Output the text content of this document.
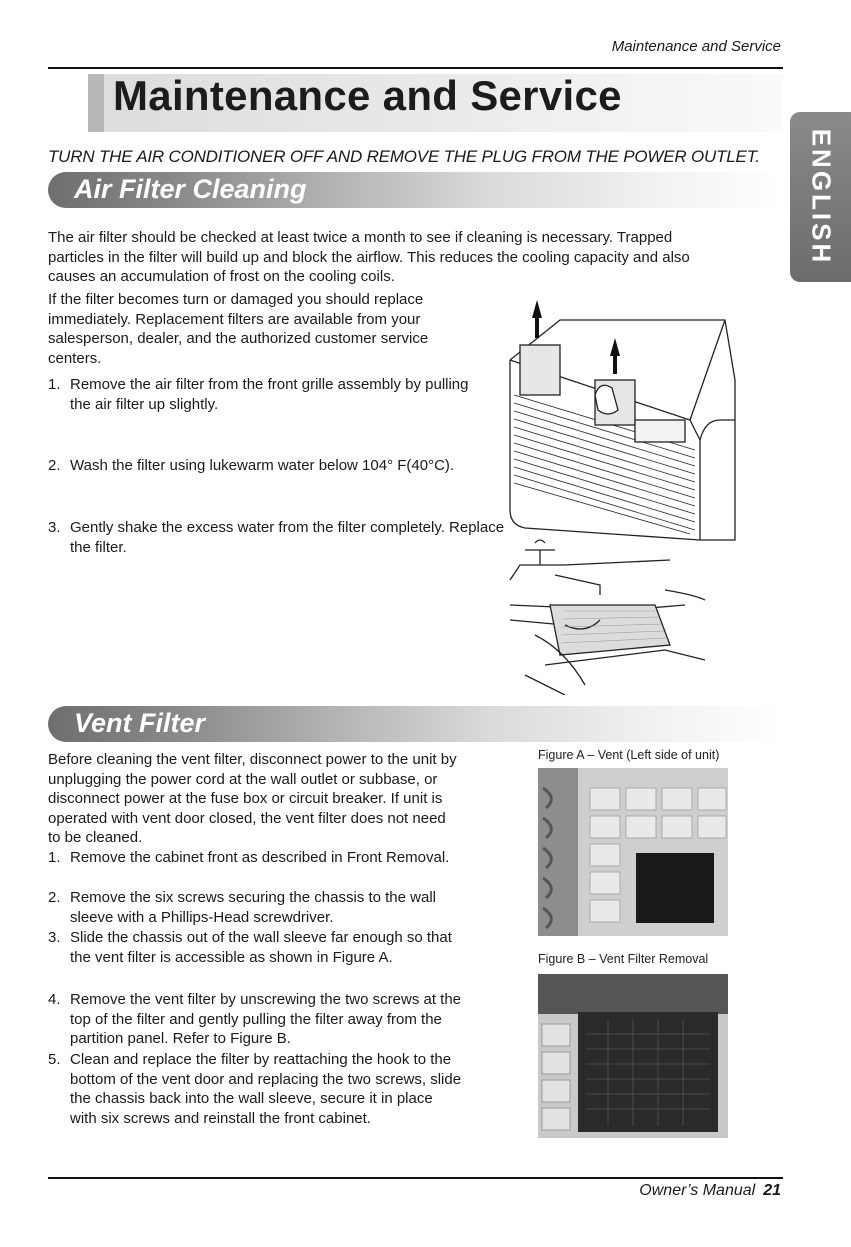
Maintenance and Service
Maintenance and Service
TURN THE AIR CONDITIONER OFF AND REMOVE THE PLUG FROM THE POWER OUTLET. ENGLISH
Air Filter Cleaning

The air filter should be checked at least twice a month to see if cleaning is necessary. Trapped particles in the filter will build up and block the airflow. This reduces the cooling capacity and also causes an accumulation of frost on the cooling coils.

If the filter becomes turn or damaged you should replace immediately. Replacement filters are available from your salesperson, dealer, and the authorized customer service centers.

1. Remove the air filter from the front grille assembly by pulling the air filter up slightly.
2. Wash the filter using lukewarm water below 104° F(40°C).
3. Gently shake the excess water from the filter completely. Replace the filter.
Vent Filter

Before cleaning the vent filter, disconnect power to the unit by unplugging the power cord at the wall outlet or subbase, or disconnect power at the fuse box or circuit breaker. If unit is operated with vent door closed, the vent filter does not need to be cleaned.

1. Remove the cabinet front as described in Front Removal.
2. Remove the six screws securing the chassis to the wall sleeve with a Phillips-Head screwdriver.
3. Slide the chassis out of the wall sleeve far enough so that the vent filter is accessible as shown in Figure A.
4. Remove the vent filter by unscrewing the two screws at the top of the filter and gently pulling the filter away from the partition panel. Refer to Figure B.
5. Clean and replace the filter by reattaching the hook to the bottom of the vent door and replacing the two screws, slide the chassis back into the wall sleeve, secure it in place with six screws and reinstall the front cabinet.
Figure A – Vent (Left side of unit)
Figure B – Vent Filter Removal
Owner’s Manual 21
